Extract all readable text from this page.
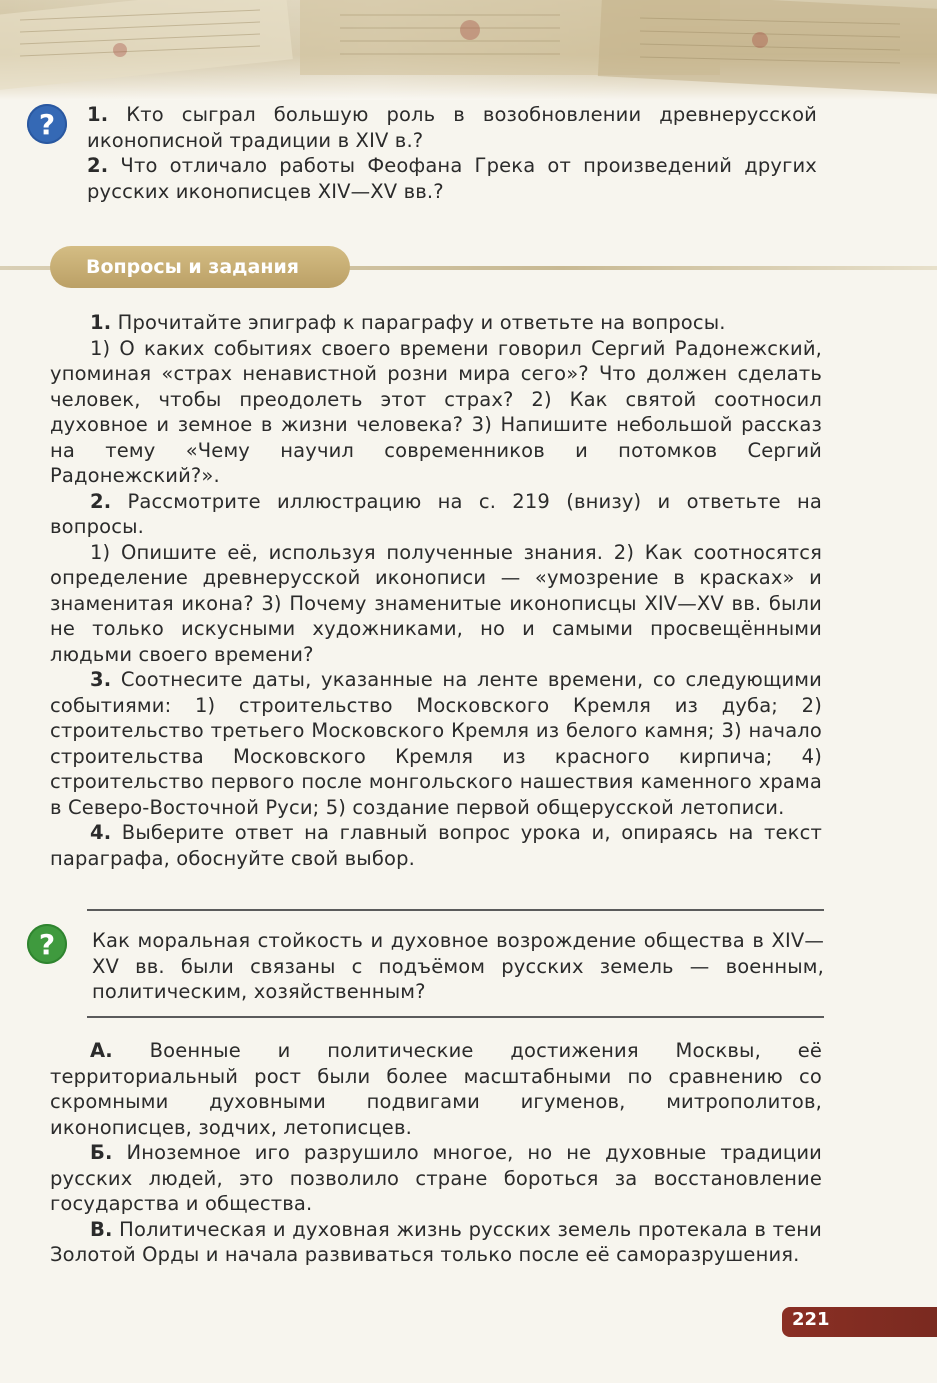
?	1. Кто сыграл большую роль в возобновлении древнерусской иконописной традиции в XIV в.?

2. Что отличало работы Феофана Грека от произведений других русских иконописцев XIV—XV вв.?

Вопросы и задания

1. Прочитайте эпиграф к параграфу и ответьте на вопросы.

1) О каких событиях своего времени говорил Сергий Радонежский, упоминая «страх ненавистной розни мира сего»? Что должен сделать человек, чтобы преодолеть этот страх? 2) Как святой соотносил духовное и земное в жизни человека? 3) Напишите небольшой рассказ на тему «Чему научил современников и потомков Сергий Радонежский?».

2. Рассмотрите иллюстрацию на с. 219 (внизу) и ответьте на вопросы.

1) Опишите её, используя полученные знания. 2) Как соотносятся определение древнерусской иконописи — «умозрение в красках» и знаменитая икона? 3) Почему знаменитые иконописцы XIV—XV вв. были не только искусными художниками, но и самыми просвещёнными людьми своего времени?

3. Соотнесите даты, указанные на ленте времени, со следующими событиями: 1) строительство Московского Кремля из дуба; 2) строительство третьего Московского Кремля из белого камня; 3) начало строительства Московского Кремля из красного кирпича; 4) строительство первого после монгольского нашествия каменного храма в Северо-Восточной Руси; 5) создание первой общерусской летописи.

4. Выберите ответ на главный вопрос урока и, опираясь на текст параграфа, обоснуйте свой выбор.

?	Как моральная стойкость и духовное возрождение общества в XIV—XV вв. были связаны с подъёмом русских земель — военным, политическим, хозяйственным?

А. Военные и политические достижения Москвы, её территориальный рост были более масштабными по сравнению со скромными духовными подвигами игуменов, митрополитов, иконописцев, зодчих, летописцев.

Б. Иноземное иго разрушило многое, но не духовные традиции русских людей, это позволило стране бороться за восстановление государства и общества.

В. Политическая и духовная жизнь русских земель протекала в тени Золотой Орды и начала развиваться только после её саморазрушения.

221
